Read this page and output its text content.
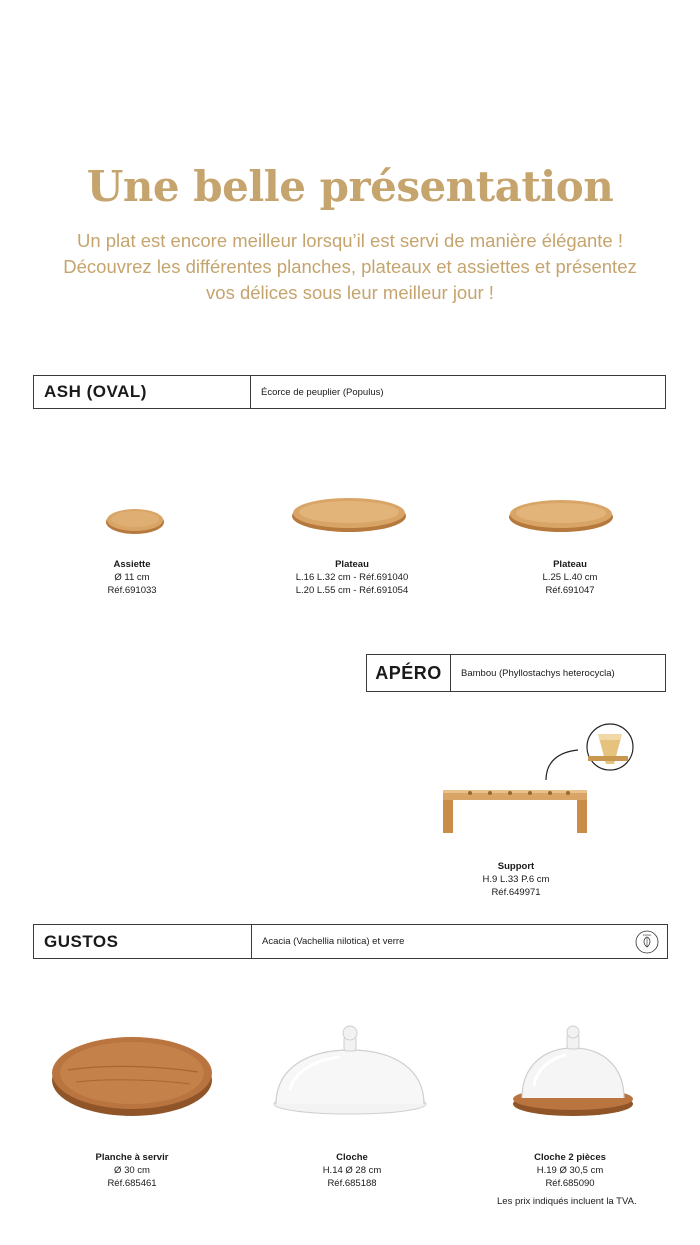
Une belle présentation
Un plat est encore meilleur lorsqu’il est servi de manière élégante !
Découvrez les différentes planches, plateaux et assiettes et présentez
vos délices sous leur meilleur jour !
ASH (OVAL)	Écorce de peuplier (Populus)
Assiette
Ø 11 cm
Réf.691033
Plateau
L.16 L.32 cm - Réf.691040
L.20 L.55 cm - Réf.691054
Plateau
L.25 L.40 cm
Réf.691047
APÉRO	Bambou (Phyllostachys heterocycla)
Support
H.9 L.33 P.6 cm
Réf.649971
GUSTOS	Acacia (Vachellia nilotica) et verre
CASA
Planche à servir
Ø 30 cm
Réf.685461
Cloche
H.14 Ø 28 cm
Réf.685188
Cloche 2 pièces
H.19 Ø 30,5 cm
Réf.685090
Les prix indiqués incluent la TVA.
